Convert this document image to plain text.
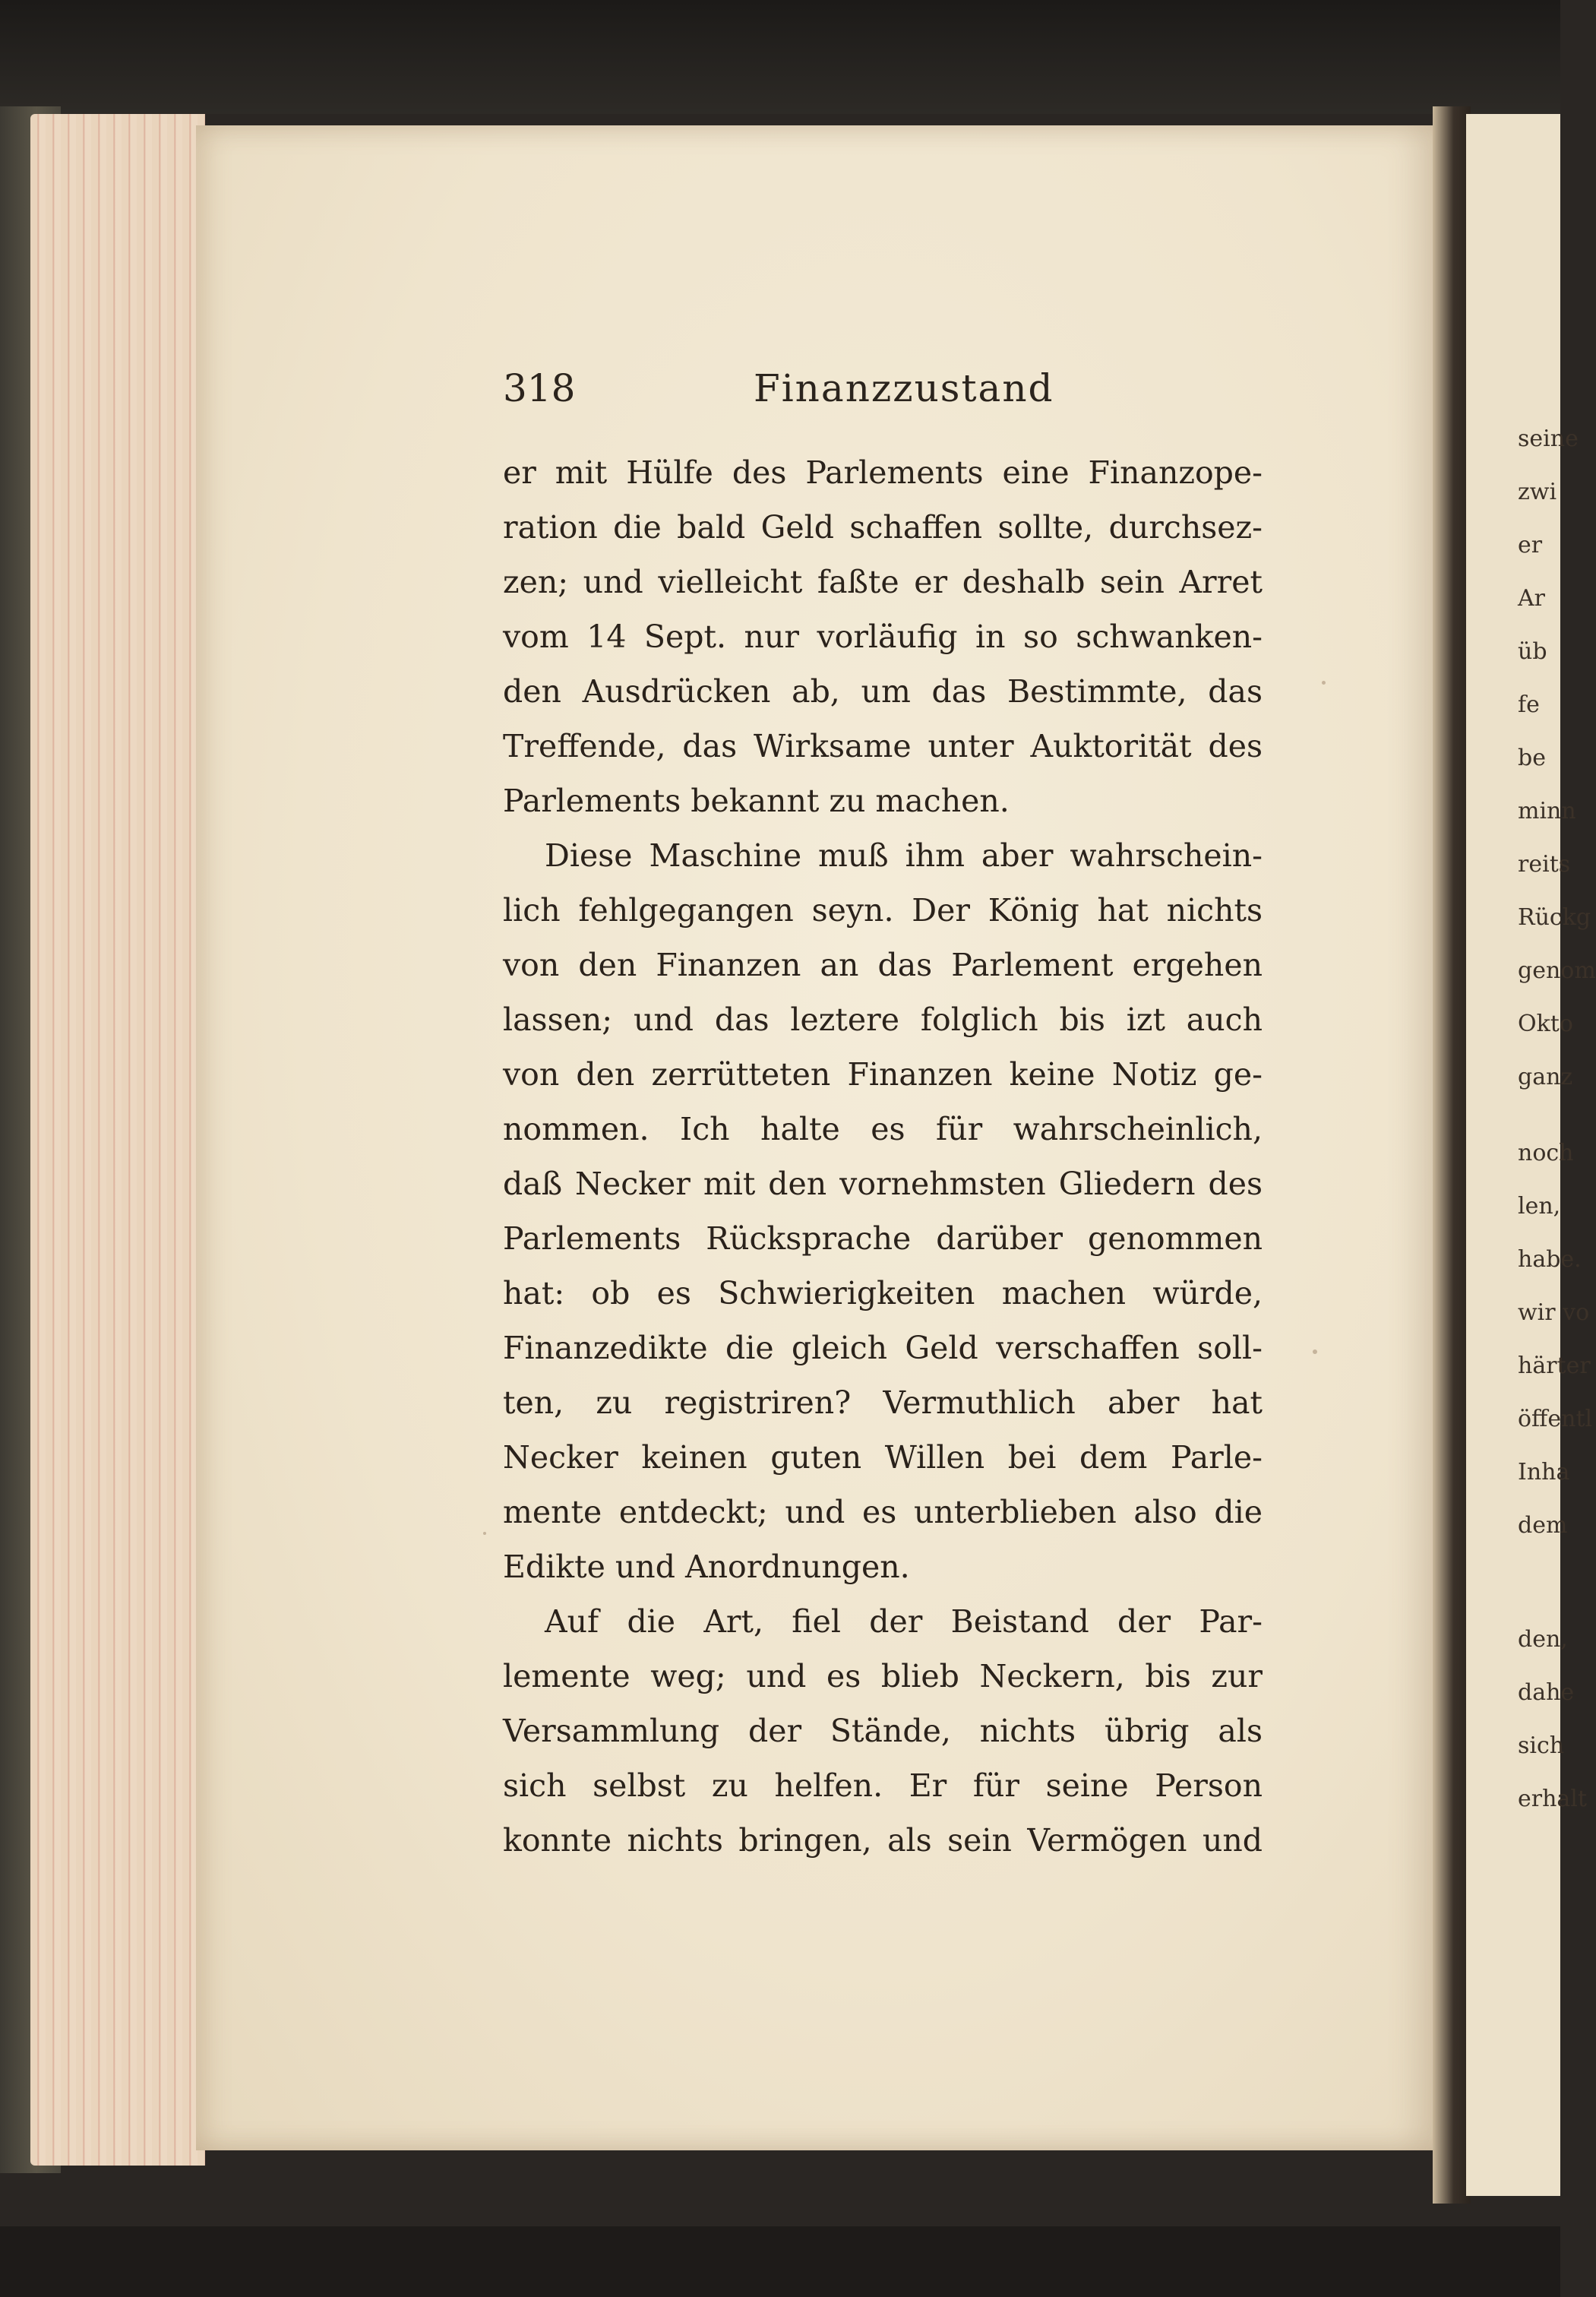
seine
zwi
er
Ar
üb
fe
be
minn
reits
Rückg
genom
Okto
ganz
noch
len,
habe.
wir vo
härter
öffentl
Inha
dem
den,
dahe
sich
erhalt
318	Finanzzustand
er mit Hülfe des Parlements eine Finanzope-
ration die bald Geld schaffen sollte, durchsez-
zen; und vielleicht faßte er deshalb sein Arret
vom 14 Sept. nur vorläufig in so schwanken-
den Ausdrücken ab, um das Bestimmte, das
Treffende, das Wirksame unter Auktorität des
Parlements bekannt zu machen.
Diese Maschine muß ihm aber wahrschein-
lich fehlgegangen seyn. Der König hat nichts
von den Finanzen an das Parlement ergehen
lassen; und das leztere folglich bis izt auch
von den zerrütteten Finanzen keine Notiz ge-
nommen. Ich halte es für wahrscheinlich,
daß Necker mit den vornehmsten Gliedern des
Parlements Rücksprache darüber genommen
hat: ob es Schwierigkeiten machen würde,
Finanzedikte die gleich Geld verschaffen soll-
ten, zu registriren? Vermuthlich aber hat
Necker keinen guten Willen bei dem Parle-
mente entdeckt; und es unterblieben also die
Edikte und Anordnungen.
Auf die Art, fiel der Beistand der Par-
lemente weg; und es blieb Neckern, bis zur
Versammlung der Stände, nichts übrig als
sich selbst zu helfen. Er für seine Person
konnte nichts bringen, als sein Vermögen und
